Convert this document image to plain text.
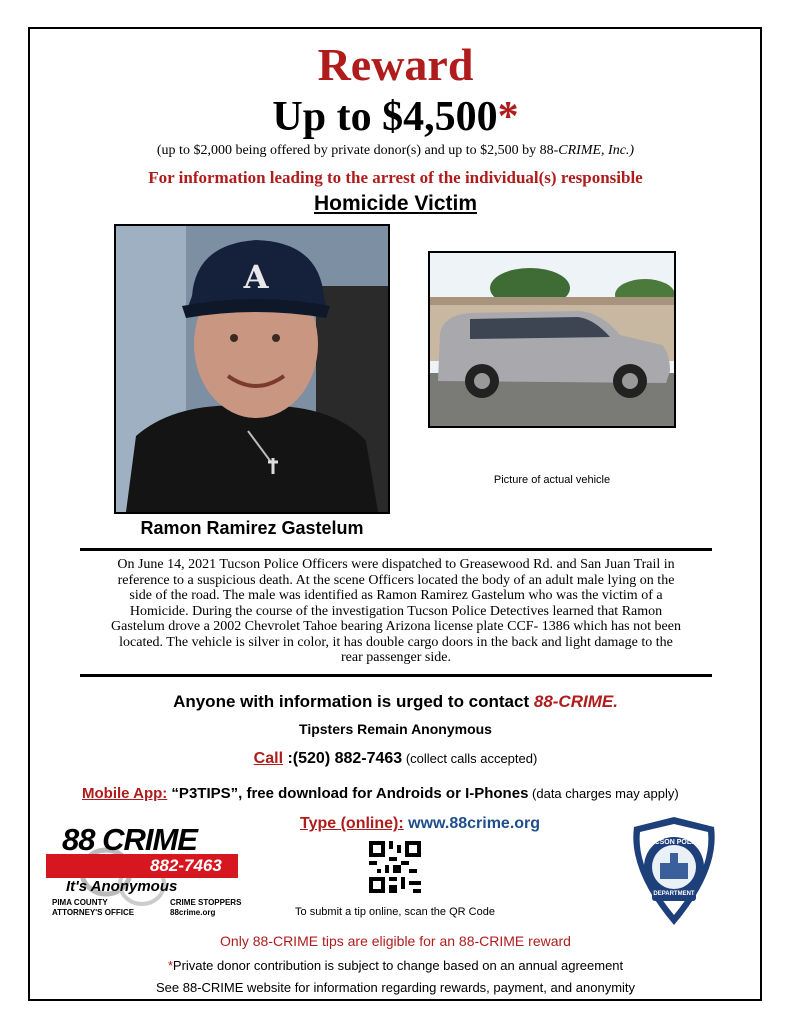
Reward
Up to $4,500*
(up to $2,000 being offered by private donor(s) and up to $2,500 by 88-CRIME, Inc.)
For information leading to the arrest of the individual(s) responsible
Homicide Victim
A
Ramon Ramirez Gastelum
Picture of actual vehicle
On June 14, 2021 Tucson Police Officers were dispatched to Greasewood Rd. and San Juan Trail in reference to a suspicious death. At the scene Officers located the body of an adult male lying on the side of the road. The male was identified as Ramon Ramirez Gastelum who was the victim of a Homicide. During the course of the investigation Tucson Police Detectives learned that Ramon Gastelum drove a 2002 Chevrolet Tahoe bearing Arizona license plate CCF- 1386 which has not been located. The vehicle is silver in color, it has double cargo doors in the back and light damage to the rear passenger side.
Anyone with information is urged to contact 88-CRIME.
Tipsters Remain Anonymous
Call :(520) 882-7463 (collect calls accepted)
Mobile App: “P3TIPS”, free download for Androids or I-Phones (data charges may apply)
Type (online): www.88crime.org
To submit a tip online, scan the QR Code
88 CRIME
882-7463
It's Anonymous
PIMA COUNTY
ATTORNEY'S OFFICE
CRIME STOPPERS
88crime.org
TUCSON POLICE
DEPARTMENT
Only 88-CRIME tips are eligible for an 88-CRIME reward
*Private donor contribution is subject to change based on an annual agreement
See 88-CRIME website for information regarding rewards, payment, and anonymity
